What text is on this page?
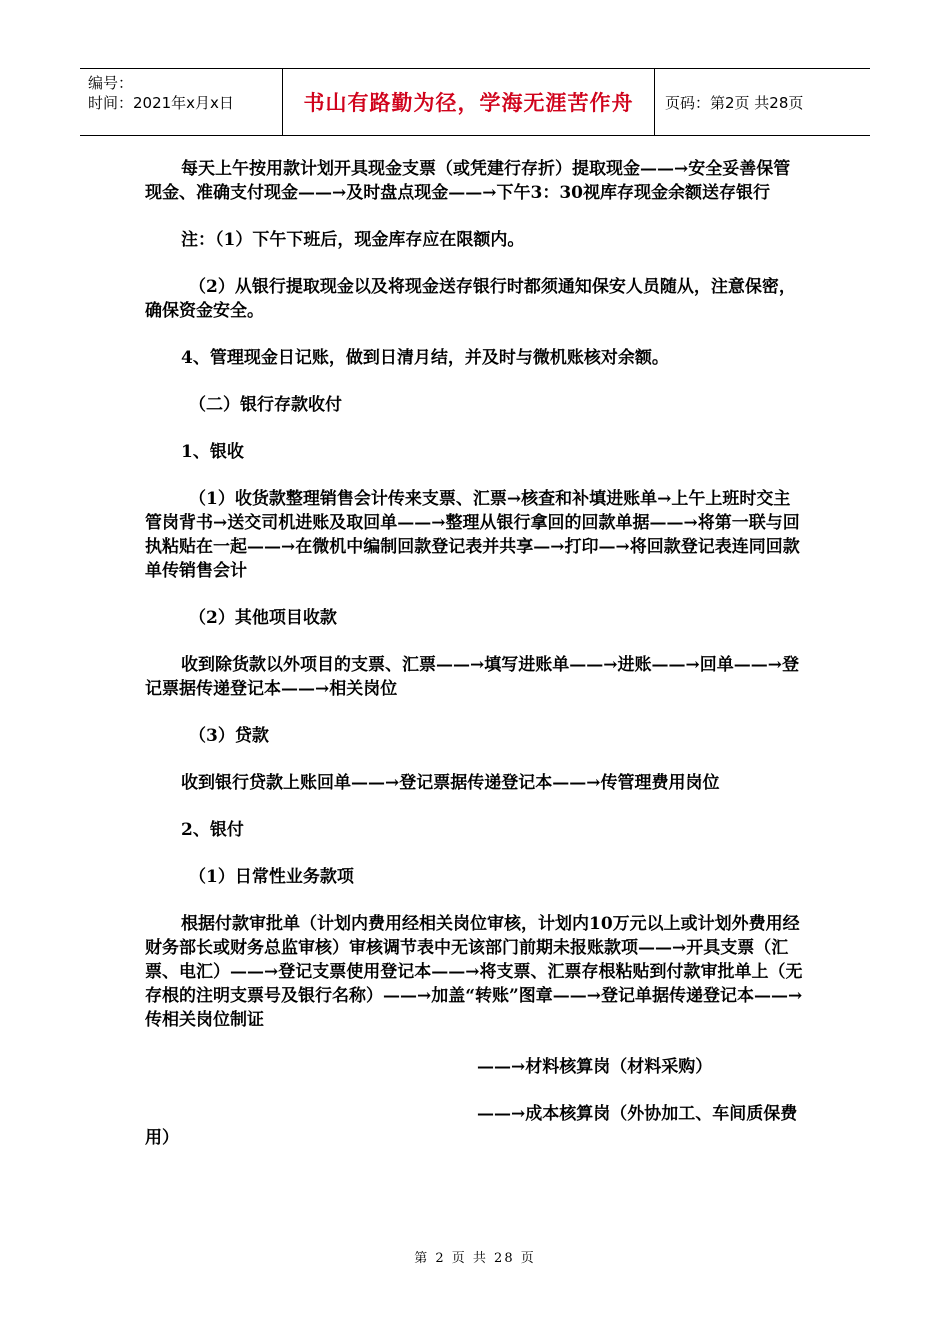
编号：
时间：2021年x月x日	书山有路勤为径，学海无涯苦作舟	页码：第2页 共28页

每天上午按用款计划开具现金支票（或凭建行存折）提取现金——→安全妥善保管现金、准确支付现金——→及时盘点现金——→下午3：30视库存现金余额送存银行

注：（1）下午下班后，现金库存应在限额内。

（2）从银行提取现金以及将现金送存银行时都须通知保安人员随从，注意保密，确保资金安全。

4、管理现金日记账，做到日清月结，并及时与微机账核对余额。

（二）银行存款收付

1、银收

（1）收货款整理销售会计传来支票、汇票→核查和补填进账单→上午上班时交主管岗背书→送交司机进账及取回单——→整理从银行拿回的回款单据——→将第一联与回执粘贴在一起——→在微机中编制回款登记表并共享—→打印—→将回款登记表连同回款单传销售会计

（2）其他项目收款

收到除货款以外项目的支票、汇票——→填写进账单——→进账——→回单——→登记票据传递登记本——→相关岗位

（3）贷款

收到银行贷款上账回单——→登记票据传递登记本——→传管理费用岗位

2、银付

（1）日常性业务款项

根据付款审批单（计划内费用经相关岗位审核，计划内10万元以上或计划外费用经财务部长或财务总监审核）审核调节表中无该部门前期未报账款项——→开具支票（汇票、电汇）——→登记支票使用登记本——→将支票、汇票存根粘贴到付款审批单上（无存根的注明支票号及银行名称）——→加盖“转账”图章——→登记单据传递登记本——→传相关岗位制证

——→材料核算岗（材料采购）

——→成本核算岗（外协加工、车间质保费用）

第 2 页 共 28 页
